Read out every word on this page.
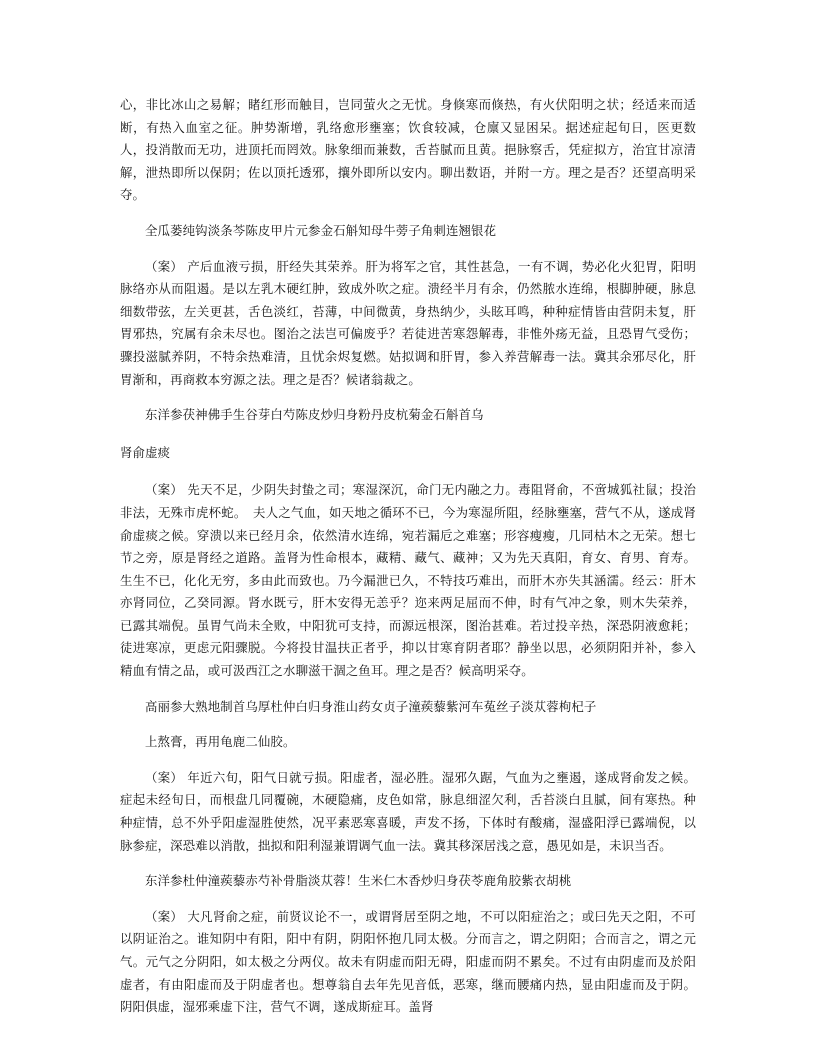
心，非比冰山之易解；睹红形而触目，岂同萤火之无忧。身倏寒而倏热，有火伏阳明之状；经适来而适断，有热入血室之征。肿势渐增，乳络愈形壅塞；饮食较减，仓廪又显困呆。据述症起旬日，医更数人，投消散而无功，进顶托而罔效。脉象细而兼数，舌苔腻而且黄。挹脉察舌，凭症拟方，治宜甘凉清解，泄热即所以保阴；佐以顶托透邪，攘外即所以安内。聊出数语，并附一方。理之是否？还望高明采夺。

全瓜蒌纯钩淡条芩陈皮甲片元参金石斛知母牛蒡子角刺连翘银花

（案） 产后血液亏损，肝经失其荣养。肝为将军之官，其性甚急，一有不调，势必化火犯胃，阳明脉络亦从而阻遏。是以左乳木硬红肿，致成外吹之症。溃经半月有余，仍然脓水连绵，根脚肿硬，脉息细数带弦，左关更甚，舌色淡红，苔薄，中间微黄，身热纳少，头眩耳鸣，种种症情皆由营阴未复，肝胃邪热，究属有余未尽也。图治之法岂可偏废乎？若徒进苦寒怨解毒，非惟外疡无益，且恐胃气受伤；骤投滋腻养阴，不特余热难清，且忧余烬复燃。姑拟调和肝胃，参入养营解毒一法。冀其余邪尽化，肝胃渐和，再商救本穷源之法。理之是否？候诸翁裁之。

东洋参茯神佛手生谷芽白芍陈皮炒归身粉丹皮杭菊金石斛首乌

肾俞虚痰

（案） 先天不足，少阴失封蛰之司；寒湿深沉，命门无内融之力。毒阻肾俞，不啻城狐社鼠；投治非法，无殊市虎杯蛇。　夫人之气血，如天地之循环不已，今为寒湿所阻，经脉壅塞，营气不从，遂成肾俞虚痰之候。穿溃以来已经月余，依然清水连绵，宛若漏卮之难塞；形容瘦瘦，几同枯木之无荣。想七节之旁，原是肾经之道路。盖肾为性命根本，藏精、藏气、藏神；又为先天真阳，育女、育男、育寿。生生不已，化化无穷，多由此而致也。乃今漏泄已久，不特技巧难出，而肝木亦失其涵濡。经云：肝木亦肾同位，乙癸同源。肾水既亏，肝木安得无恙乎？迩来两足屈而不伸，时有气冲之象，则木失荣养，已露其端倪。虽胃气尚未全败，中阳犹可支持，而源远根深，图治甚难。若过投辛热，深恐阴液愈耗；徒进寒凉，更虑元阳骤脱。今将投甘温扶正者乎，抑以甘寒育阴者耶？静坐以思，必须阴阳并补，参入精血有情之品，或可汲西江之水聊滋干涸之鱼耳。理之是否？候高明采夺。

高丽参大熟地制首乌厚杜仲白归身淮山药女贞子潼蒺藜紫河车菟丝子淡苁蓉枸杞子

上熬膏，再用龟鹿二仙胶。

（案） 年近六旬，阳气日就亏损。阳虚者，湿必胜。湿邪久踞，气血为之壅遏，遂成肾俞发之候。症起未经旬日，而根盘几同覆碗，木硬隐痛，皮色如常，脉息细涩欠利，舌苔淡白且腻，间有寒热。种种症情，总不外乎阳虚湿胜使然，况平素恶寒喜暖，声发不扬，下体时有酸痛，湿盛阳浮已露端倪，以脉参症，深恐难以消散，拙拟和阳利湿兼谓调气血一法。冀其移深居浅之意，愚见如是，未识当否。

东洋参杜仲潼蒺藜赤芍补骨脂淡苁蓉！生米仁木香炒归身茯苓鹿角胶紫衣胡桃

（案） 大凡肾俞之症，前贤议论不一，或谓肾居至阴之地，不可以阳症治之；或曰先天之阳，不可以阴证治之。谁知阴中有阳，阳中有阴，阴阳怀抱几同太极。分而言之，谓之阴阳；合而言之，谓之元气。元气之分阴阳，如太极之分两仪。故未有阴虚而阳无碍，阳虚而阴不累矣。不过有由阴虚而及於阳虚者，有由阳虚而及于阴虚者也。想尊翁自去年先见音低，恶寒，继而腰痛内热，显由阳虚而及于阴。阴阳俱虚，湿邪乘虚下注，营气不调，遂成斯症耳。盖肾
